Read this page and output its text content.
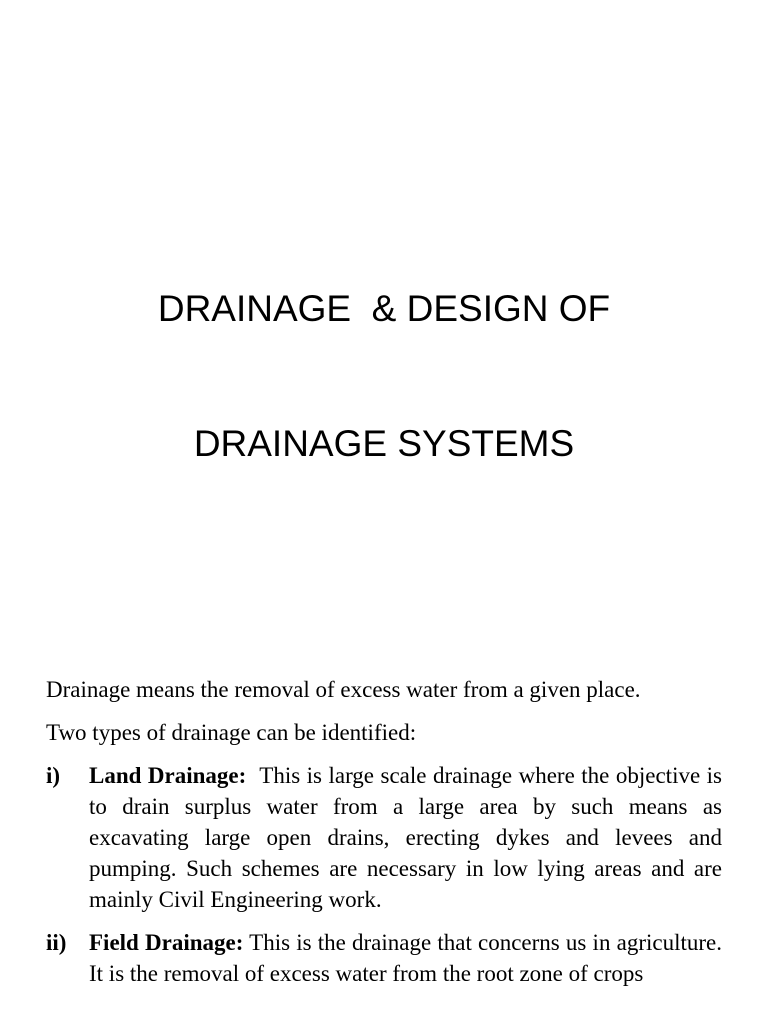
DRAINAGE  & DESIGN OF

DRAINAGE SYSTEMS

Drainage means the removal of excess water from a given place.

Two types of drainage can be identified:

i)	Land Drainage: This is large scale drainage where the objective is to drain surplus water from a large area by such means as excavating large open drains, erecting dykes and levees and pumping. Such schemes are necessary in low lying areas and are mainly Civil Engineering work.
ii) Field Drainage: This is the drainage that concerns us in agriculture. It is the removal of excess water from the root zone of crops
